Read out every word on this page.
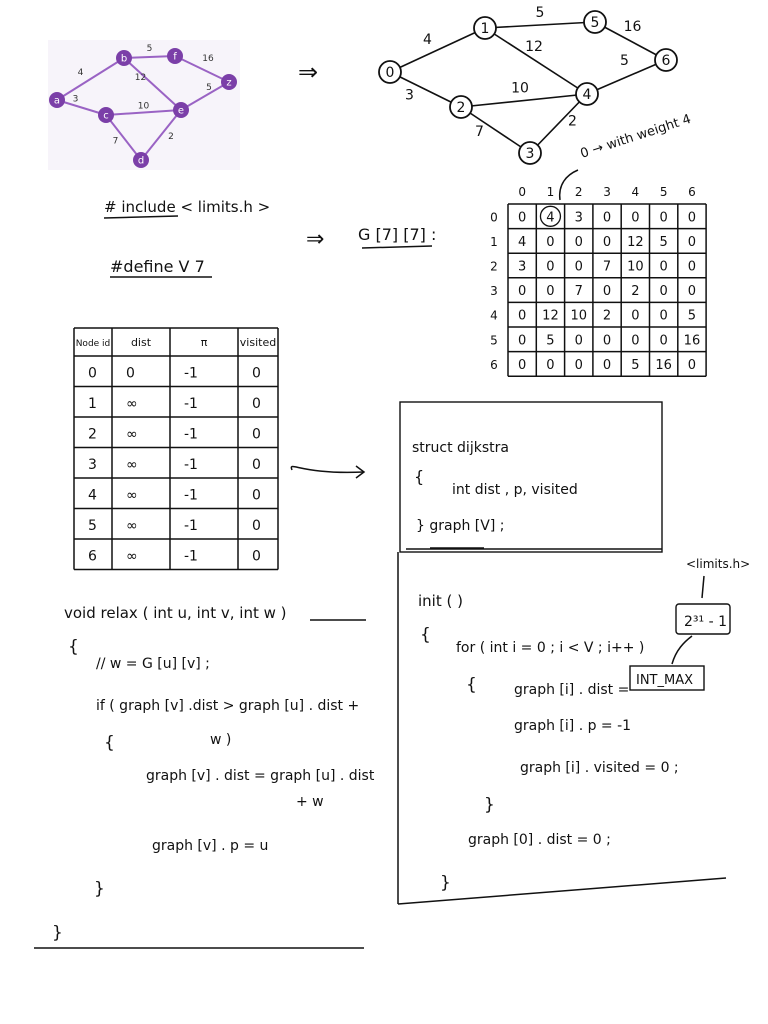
4
3
5
12
10
7	2
16
5
a
b
c
d
e
f
z	⇒
⇒
4
3
5
12
10
7
2
16
5
0
1
2
3
4
5
6
0 → with weight 4
# include < limits.h >
#define V 7
G [7] [7] :
0 1 2 3 4 5 6
0
1
2
3
4
5
6
0 4 3 0 0 0 0
4 0 0 0 12 5 0
3 0 0 7 10 0 0
0 0 7 0 2 0 0
0 12 10 2 0 0 5
0 5 0 0 0 0 16
0 0 0 0 5 16 0
Node id dist	π	visited
0 0	-1	0
1 ∞	-1	0
2 ∞	-1	0
3 ∞	-1	0
4 ∞	-1	0
5 ∞	-1	0
6 ∞	-1	0
struct dijkstra
{
int dist , p, visited
} graph [V] ;
void relax ( int u, int v, int w )
{
// w = G [u] [v] ;
if ( graph [v] .dist > graph [u] . dist +
w )
{
graph [v] . dist = graph [u] . dist
+ w
graph [v] . p = u
}
}
init ( )
{
for ( int i = 0 ; i < V ; i++ )
{	graph [i] . dist =
INT_MAX
graph [i] . p = -1
graph [i] . visited = 0 ;
}
graph [0] . dist = 0 ;
}
2³¹ - 1
<limits.h>
